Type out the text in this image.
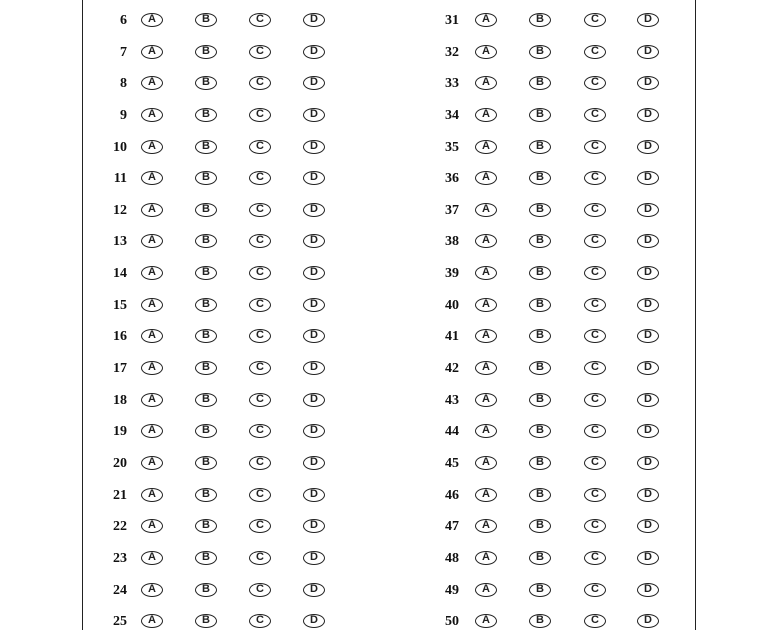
6	A	B	C	D
7	A	B	C	D
8	A	B	C	D
9	A	B	C	D
10	A	B	C	D
11	A	B	C	D
12	A	B	C	D
13	A	B	C	D
14	A	B	C	D
15	A	B	C	D
16	A	B	C	D
17	A	B	C	D
18	A	B	C	D
19	A	B	C	D
20	A	B	C	D
21	A	B	C	D
22	A	B	C	D
23	A	B	C	D
24	A	B	C	D
25	A	B	C	D
31	A	B	C	D
32	A	B	C	D
33	A	B	C	D
34	A	B	C	D
35	A	B	C	D
36	A	B	C	D
37	A	B	C	D
38	A	B	C	D
39	A	B	C	D
40	A	B	C	D
41	A	B	C	D
42	A	B	C	D
43	A	B	C	D
44	A	B	C	D
45	A	B	C	D
46	A	B	C	D
47	A	B	C	D
48	A	B	C	D
49	A	B	C	D
50	A	B	C	D
